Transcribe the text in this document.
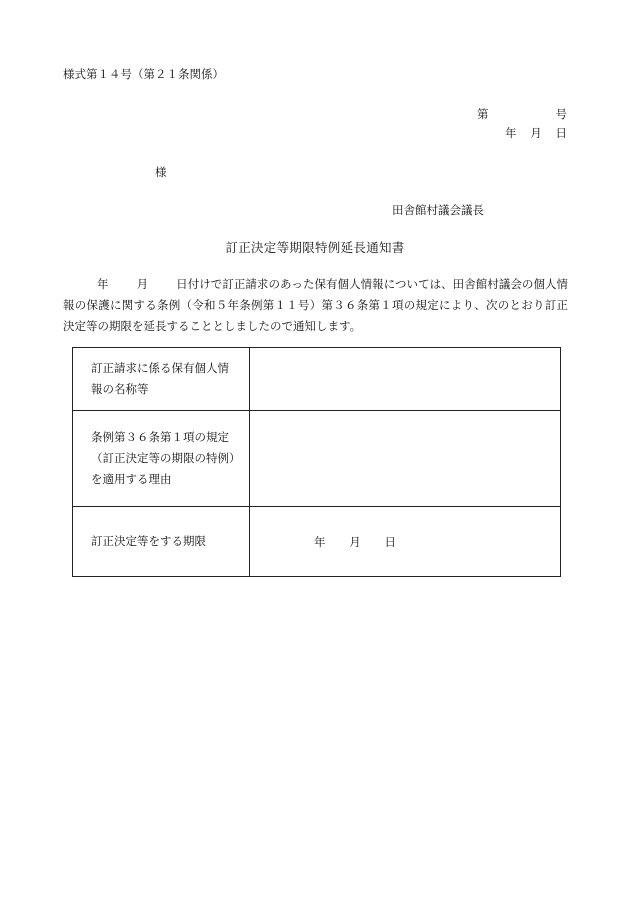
様式第１４号（第２１条関係）
第	号
年 月 日
様
田舎館村議会議長
訂正決定等期限特例延長通知書
年 月 日付けで訂正請求のあった保有個人情報については、田舎館村議会の個人情報の保護に関する条例（令和５年条例第１１号）第３６条第１項の規定により、次のとおり訂正決定等の期限を延長することとしましたので通知します。
訂正請求に係る保有個人情報の名称等	
条例第３６条第１項の規定（訂正決定等の期限の特例）を適用する理由	
訂正決定等をする期限	年 月 日
